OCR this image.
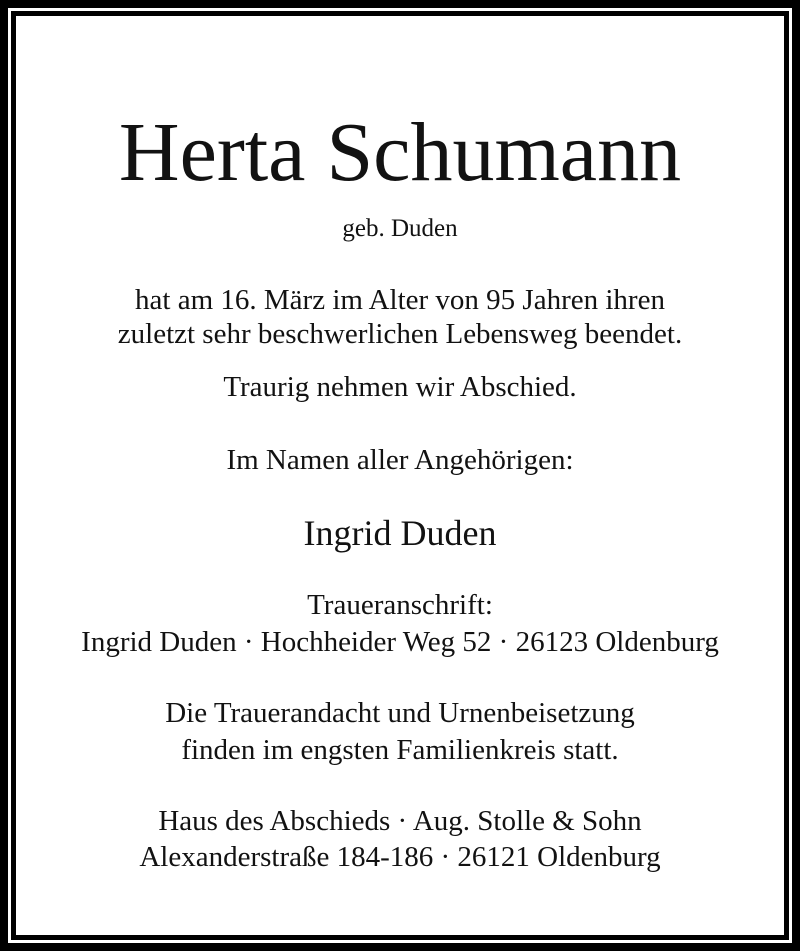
Herta Schumann
geb. Duden
hat am 16. März im Alter von 95 Jahren ihren
zuletzt sehr beschwerlichen Lebensweg beendet.
Traurig nehmen wir Abschied.
Im Namen aller Angehörigen:
Ingrid Duden
Traueranschrift:
Ingrid Duden · Hochheider Weg 52 · 26123 Oldenburg
Die Trauerandacht und Urnenbeisetzung
finden im engsten Familienkreis statt.
Haus des Abschieds · Aug. Stolle & Sohn
Alexanderstraße 184-186 · 26121 Oldenburg
